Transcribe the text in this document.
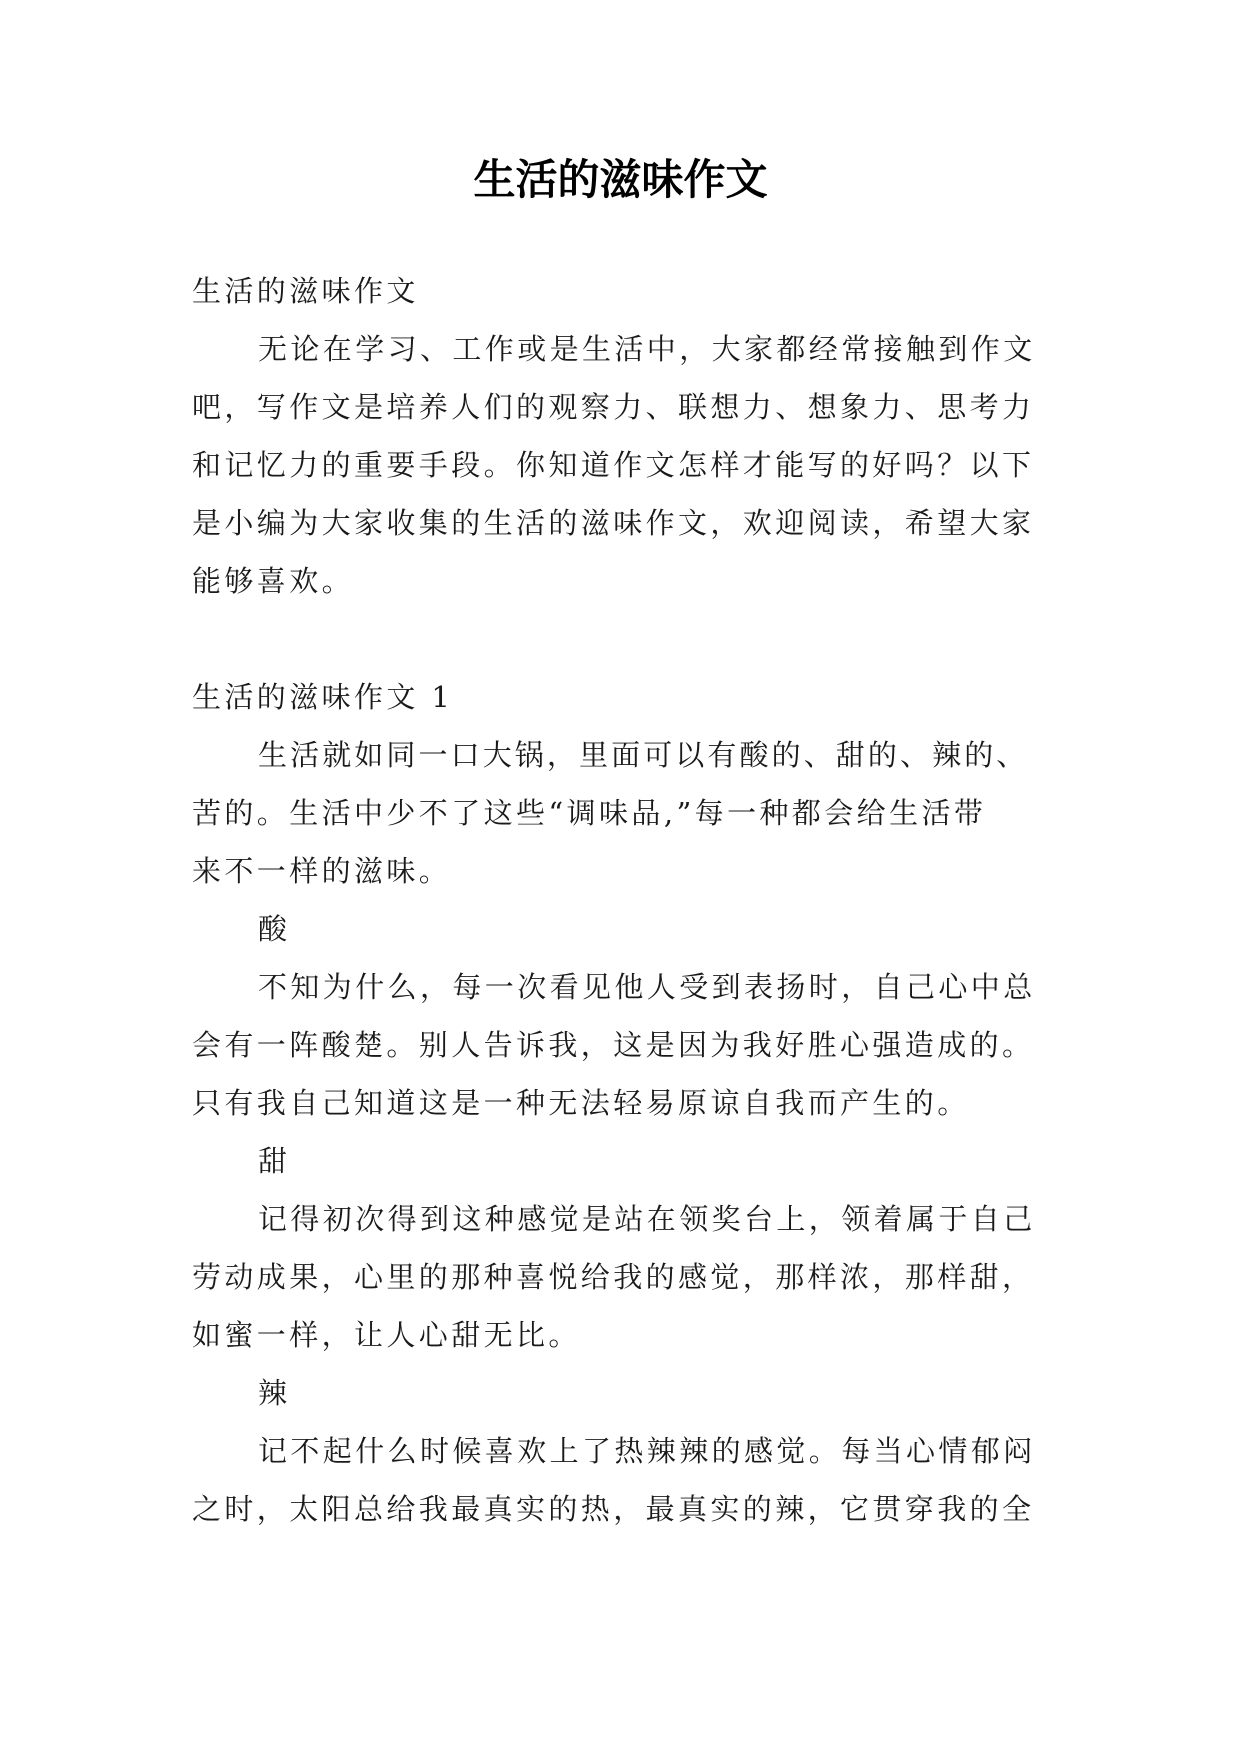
生活的滋味作文
生活的滋味作文
无论在学习、工作或是生活中，大家都经常接触到作文
吧，写作文是培养人们的观察力、联想力、想象力、思考力
和记忆力的重要手段。你知道作文怎样才能写的好吗？以下
是小编为大家收集的生活的滋味作文，欢迎阅读，希望大家
能够喜欢。
生活的滋味作文 1
生活就如同一口大锅，里面可以有酸的、甜的、辣的、
苦的。生活中少不了这些“调味品,”每一种都会给生活带
来不一样的滋味。
酸
不知为什么，每一次看见他人受到表扬时，自己心中总
会有一阵酸楚。别人告诉我，这是因为我好胜心强造成的。
只有我自己知道这是一种无法轻易原谅自我而产生的。
甜
记得初次得到这种感觉是站在领奖台上，领着属于自己
劳动成果，心里的那种喜悦给我的感觉，那样浓，那样甜，
如蜜一样，让人心甜无比。
辣
记不起什么时候喜欢上了热辣辣的感觉。每当心情郁闷
之时，太阳总给我最真实的热，最真实的辣，它贯穿我的全
